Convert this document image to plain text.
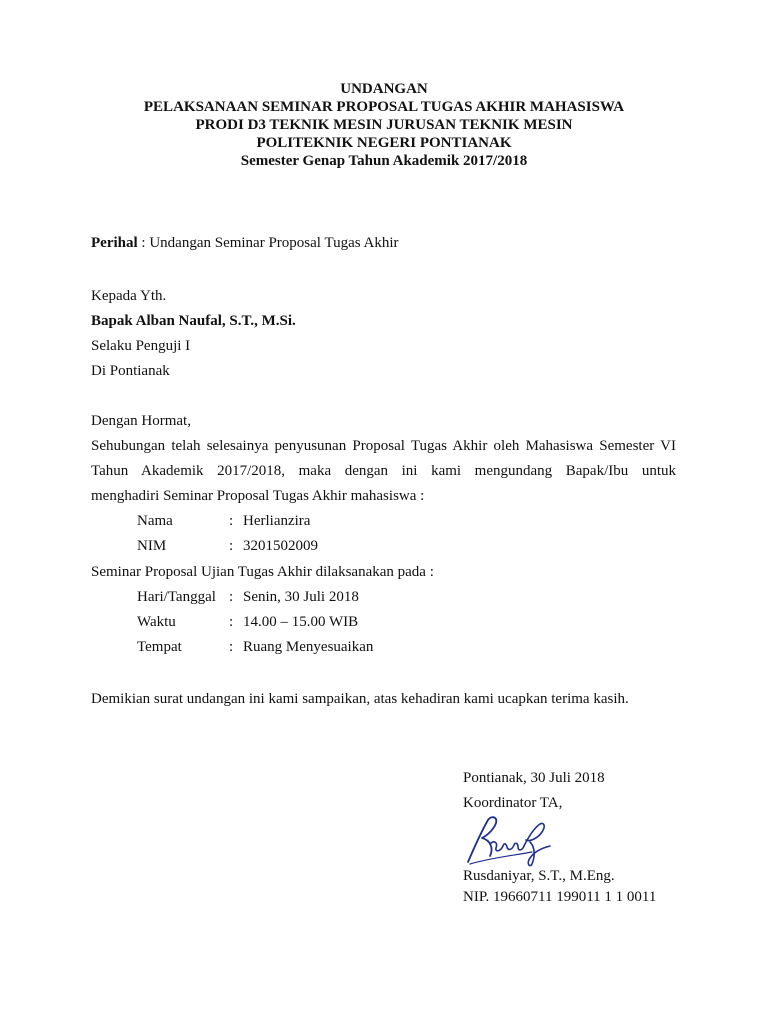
UNDANGAN
PELAKSANAAN SEMINAR PROPOSAL TUGAS AKHIR MAHASISWA
PRODI D3 TEKNIK MESIN JURUSAN TEKNIK MESIN
POLITEKNIK NEGERI PONTIANAK
Semester Genap Tahun Akademik 2017/2018
Perihal : Undangan Seminar Proposal Tugas Akhir
Kepada Yth.
Bapak Alban Naufal, S.T., M.Si.
Selaku Penguji I
Di Pontianak
Dengan Hormat,
Sehubungan telah selesainya penyusunan Proposal Tugas Akhir oleh Mahasiswa Semester VI
Tahun Akademik 2017/2018, maka dengan ini kami mengundang Bapak/Ibu untuk
menghadiri Seminar Proposal Tugas Akhir mahasiswa :
Nama	: Herlianzira
NIM	: 3201502009
Seminar Proposal Ujian Tugas Akhir dilaksanakan pada :
Hari/Tanggal : Senin, 30 Juli 2018
Waktu	: 14.00 – 15.00 WIB
Tempat	: Ruang Menyesuaikan
Demikian surat undangan ini kami sampaikan, atas kehadiran kami ucapkan terima kasih.
Pontianak, 30 Juli 2018
Koordinator TA,
Rusdaniyar, S.T., M.Eng.
NIP. 19660711 199011 1 1 0011
